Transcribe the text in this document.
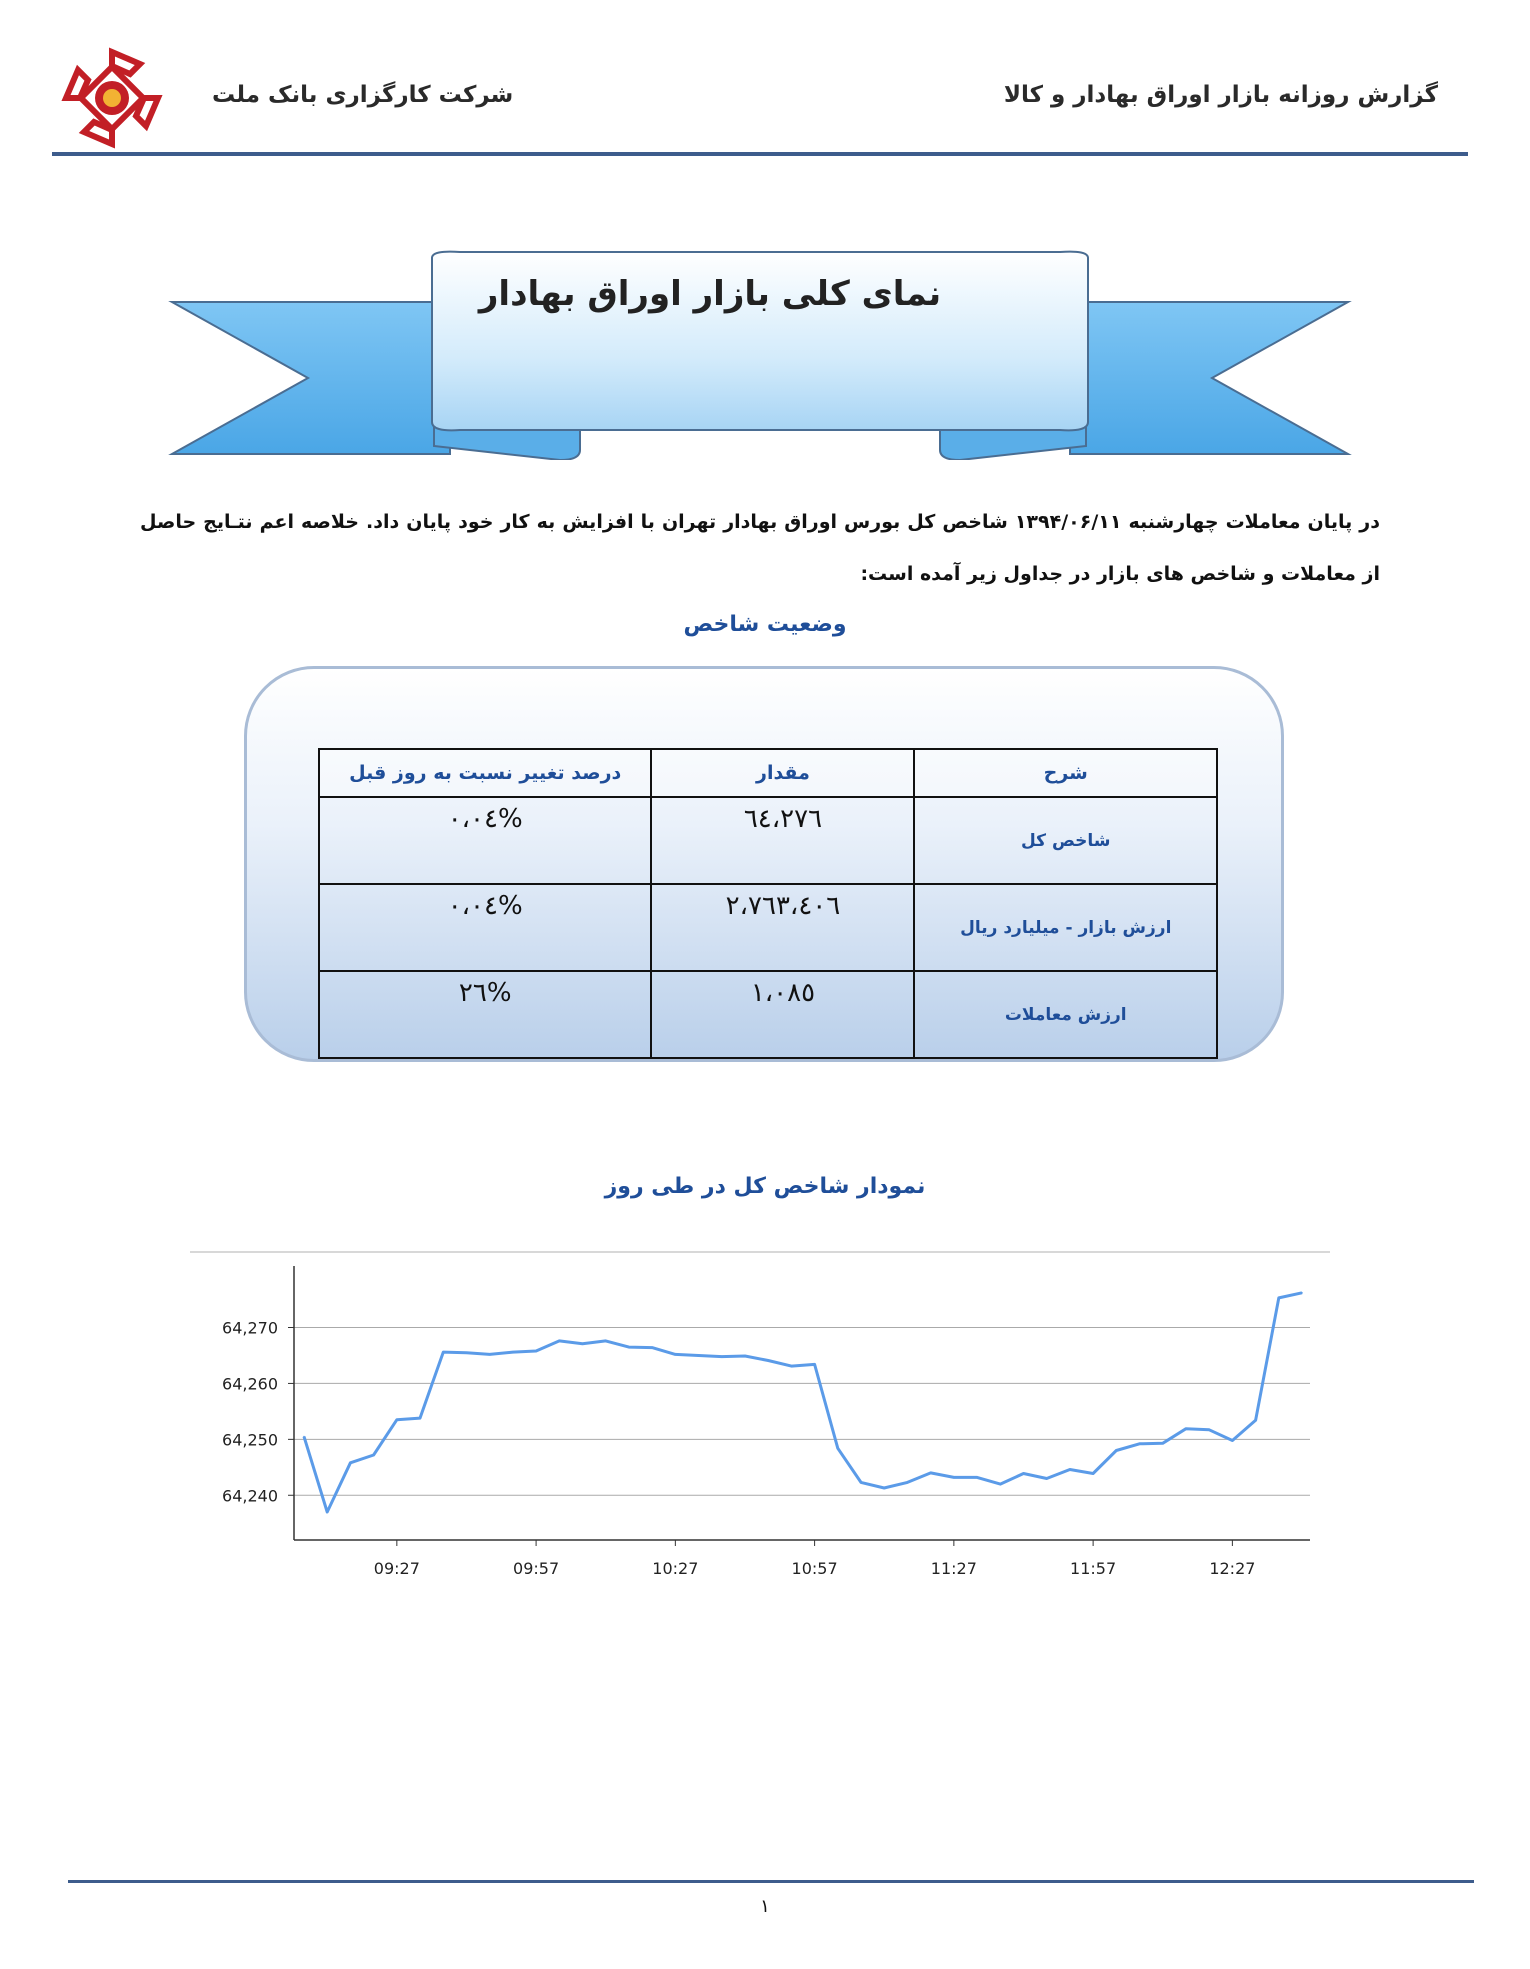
شرکت کارگزاری بانک ملت	گزارش روزانه بازار اوراق بهادار و کالا
نمای کلی بازار اوراق بهادار
در پایان معاملات چهارشنبه ۱۳۹۴/۰۶/۱۱ شاخص کل بورس اوراق بهادار تهران با افزایش به کار خود پایان داد. خلاصه اعم نتـایج حاصل از معاملات و شاخص های بازار در جداول زیر آمده است:
وضعیت شاخص
شرح	مقدار	درصد تغییر نسبت به روز قبل
شاخص کل	٦٤،٢٧٦	%٠،٠٤
ارزش بازار - میلیارد ریال	٢،٧٦٣،٤٠٦	%٠،٠٤
ارزش معاملات	١،٠٨٥	%٢٦
نمودار شاخص کل در طی روز
64,240
64,250
64,260
64,270
09:27	09:57	10:27	10:57	11:27	11:57	12:27
١
